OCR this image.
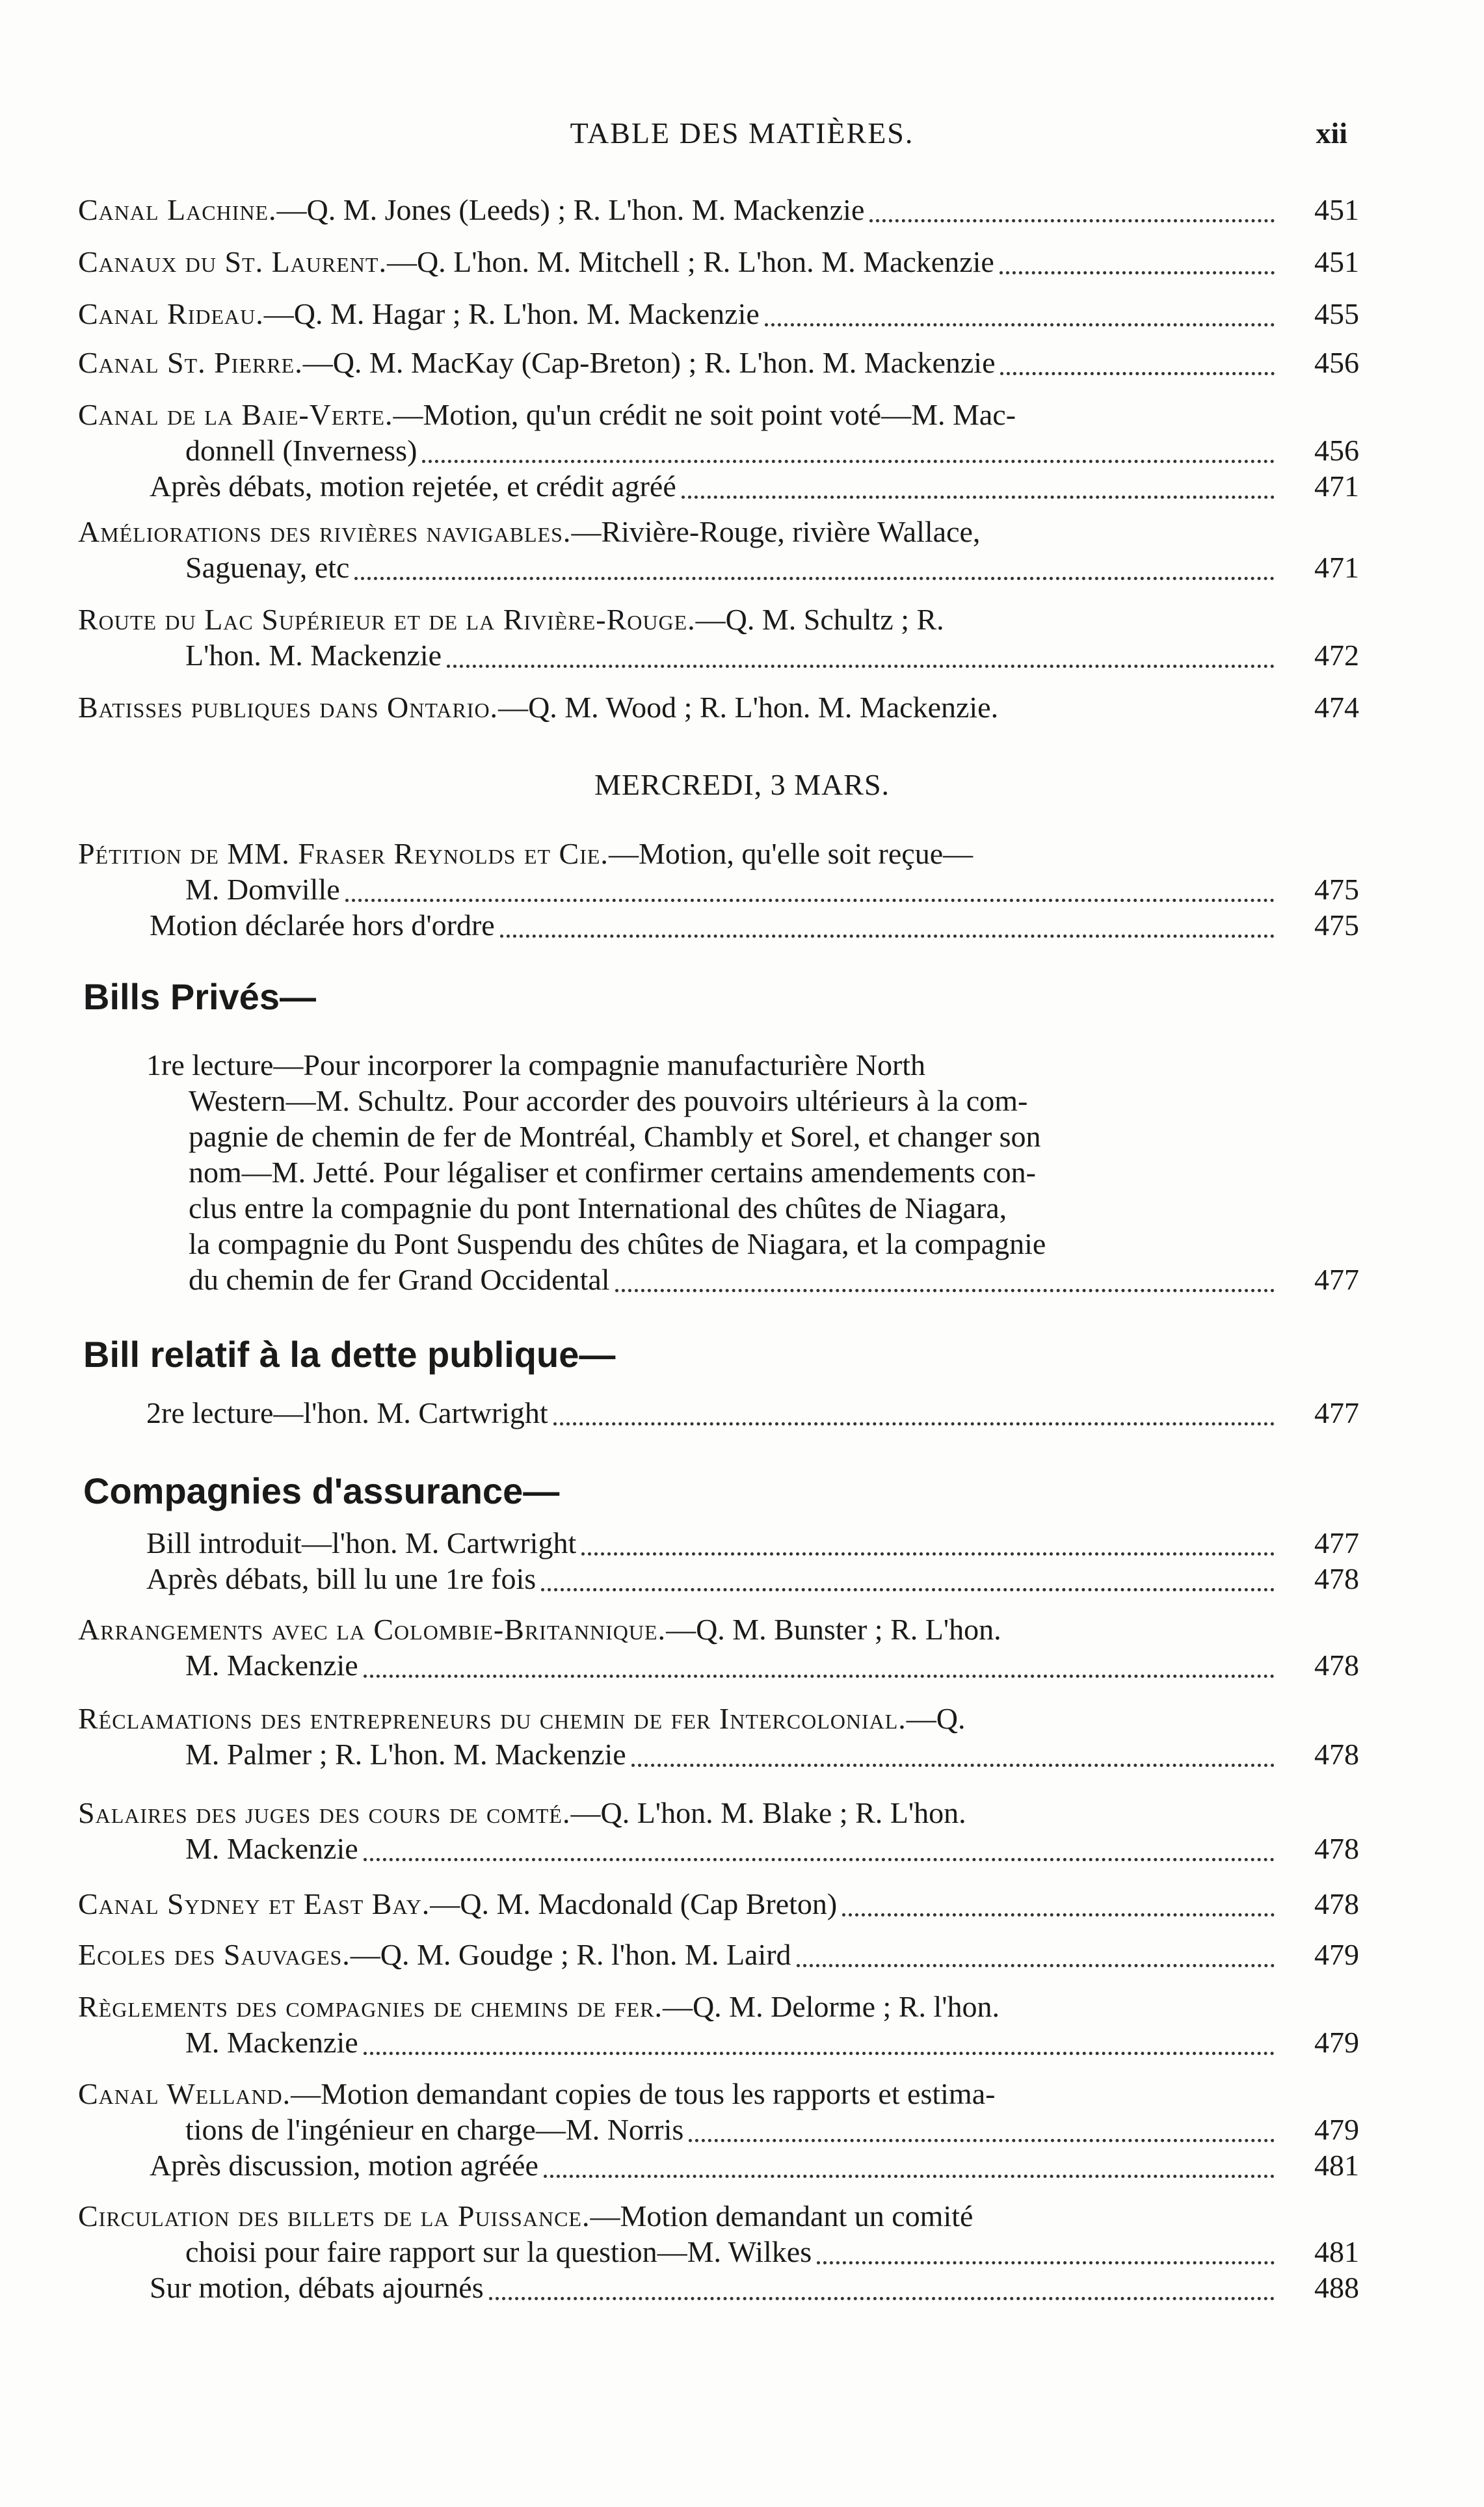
TABLE DES MATIÈRES.	xii
Canal Lachine.—Q. M. Jones (Leeds) ; R. L'hon. M. Mackenzie	451
Canaux du St. Laurent.—Q. L'hon. M. Mitchell ; R. L'hon. M. Mackenzie	451
Canal Rideau.—Q. M. Hagar ; R. L'hon. M. Mackenzie	455
Canal St. Pierre.—Q. M. MacKay (Cap-Breton) ; R. L'hon. M. Mackenzie	456
Canal de la Baie-Verte.—Motion, qu'un crédit ne soit point voté—M. Mac-
donnell (Inverness)	456
Après débats, motion rejetée, et crédit agréé	471
Améliorations des rivières navigables.—Rivière-Rouge, rivière Wallace,
Saguenay, etc	471
Route du Lac Supérieur et de la Rivière-Rouge.—Q. M. Schultz ; R.
L'hon. M. Mackenzie	472
Batisses publiques dans Ontario.—Q. M. Wood ; R. L'hon. M. Mackenzie.	474
MERCREDI, 3 MARS.
Pétition de MM. Fraser Reynolds et Cie.—Motion, qu'elle soit reçue—
M. Domville	475
Motion déclarée hors d'ordre	475
Bills Privés—
1re lecture—Pour incorporer la compagnie manufacturière North
Western—M. Schultz. Pour accorder des pouvoirs ultérieurs à la com-
pagnie de chemin de fer de Montréal, Chambly et Sorel, et changer son
nom—M. Jetté. Pour légaliser et confirmer certains amendements con-
clus entre la compagnie du pont International des chûtes de Niagara,
la compagnie du Pont Suspendu des chûtes de Niagara, et la compagnie
du chemin de fer Grand Occidental	477
Bill relatif à la dette publique—
2re lecture—l'hon. M. Cartwright	477
Compagnies d'assurance—
Bill introduit—l'hon. M. Cartwright	477
Après débats, bill lu une 1re fois	478
Arrangements avec la Colombie-Britannique.—Q. M. Bunster ; R. L'hon.
M. Mackenzie	478
Réclamations des entrepreneurs du chemin de fer Intercolonial.—Q.
M. Palmer ; R. L'hon. M. Mackenzie	478
Salaires des juges des cours de comté.—Q. L'hon. M. Blake ; R. L'hon.
M. Mackenzie	478
Canal Sydney et East Bay.—Q. M. Macdonald (Cap Breton)	478
Ecoles des Sauvages.—Q. M. Goudge ; R. l'hon. M. Laird	479
Règlements des compagnies de chemins de fer.—Q. M. Delorme ; R. l'hon.
M. Mackenzie	479
Canal Welland.—Motion demandant copies de tous les rapports et estima-
tions de l'ingénieur en charge—M. Norris	479
Après discussion, motion agréée	481
Circulation des billets de la Puissance.—Motion demandant un comité
choisi pour faire rapport sur la question—M. Wilkes	481
Sur motion, débats ajournés	488
